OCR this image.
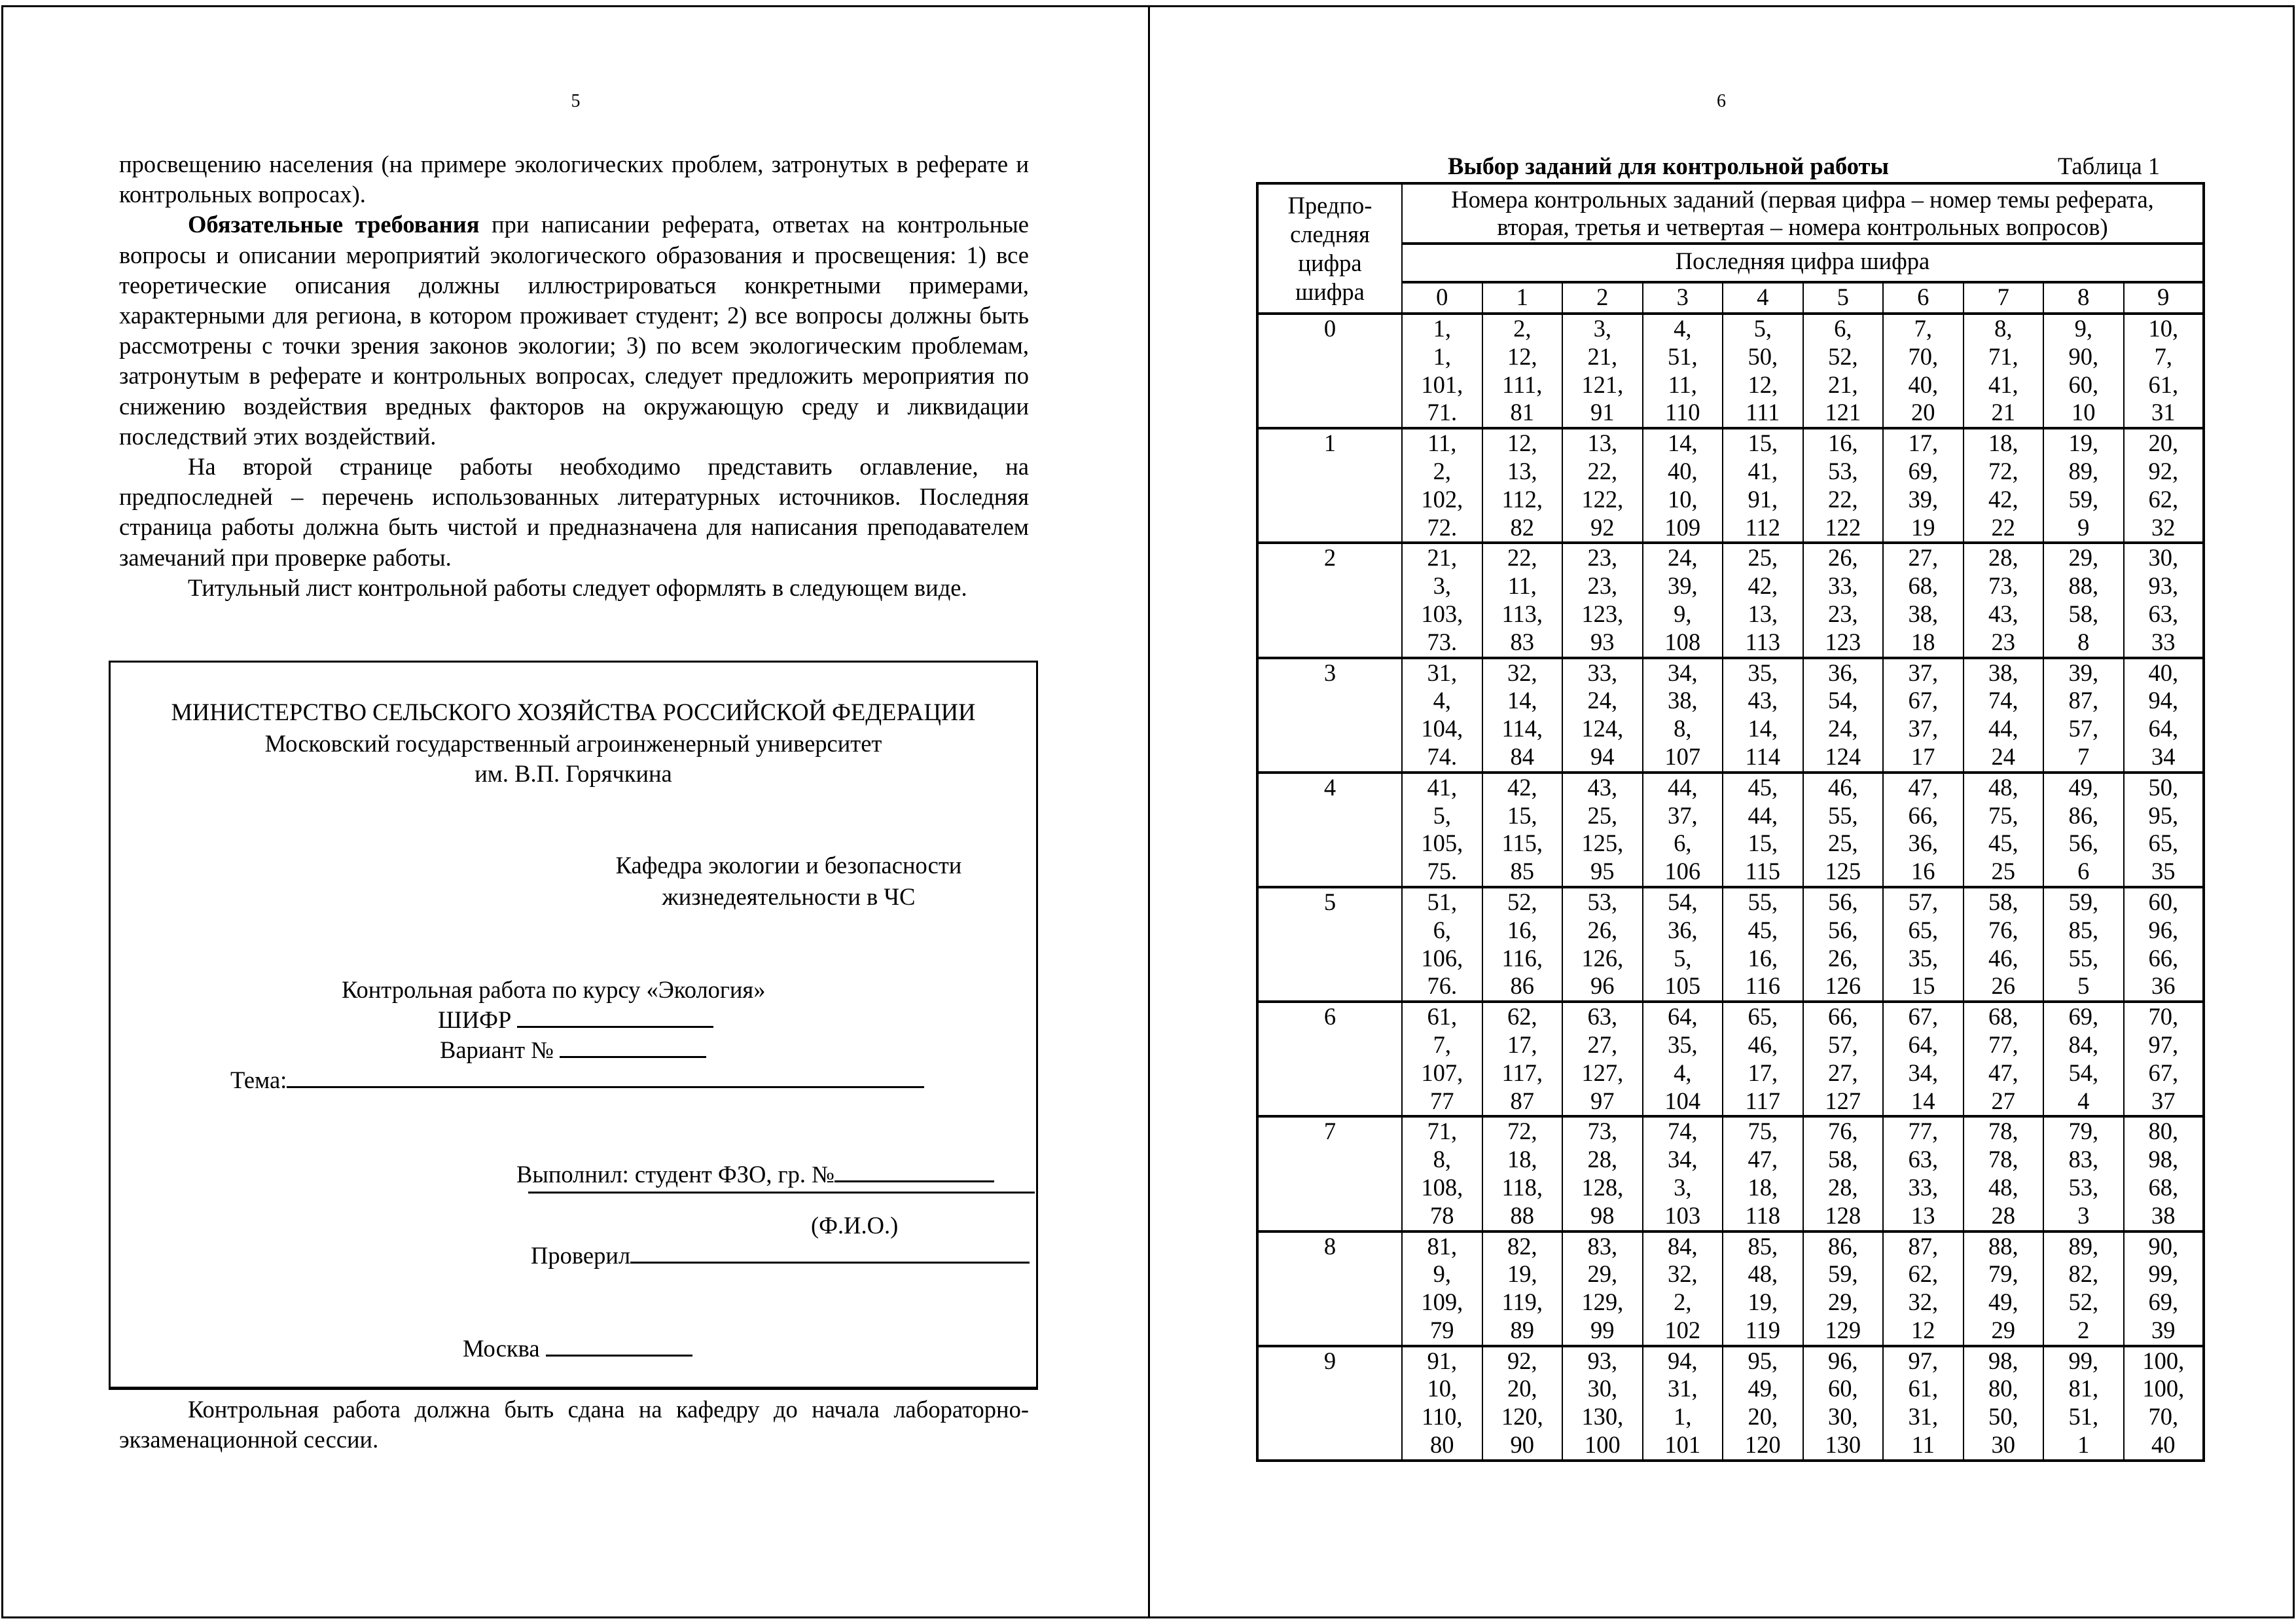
5

просвещению населения (на примере экологических проблем, затронутых в реферате и контрольных вопросах).

Обязательные требования при написании реферата, ответах на контрольные вопросы и описании мероприятий экологического образования и просвещения: 1) все теоретические описания должны иллюстрироваться конкретными примерами, характерными для региона, в котором проживает студент; 2) все вопросы должны быть рассмотрены с точки зрения законов экологии; 3) по всем экологическим проблемам, затронутым в реферате и контрольных вопросах, следует предложить мероприятия по снижению воздействия вредных факторов на окружающую среду и ликвидации последствий этих воздействий.

На второй странице работы необходимо представить оглавление, на предпоследней – перечень использованных литературных источников. Последняя страница работы должна быть чистой и предназначена для написания преподавателем замечаний при проверке работы.

Титульный лист контрольной работы следует оформлять в следующем виде.

МИНИСТЕРСТВО СЕЛЬСКОГО ХОЗЯЙСТВА РОССИЙСКОЙ ФЕДЕРАЦИИ
Московский государственный агроинженерный университет
им. В.П. Горячкина
Кафедра экологии и безопасности
жизнедеятельности в ЧС
Контрольная работа по курсу «Экология»
ШИФР
Вариант №
Тема:
Выполнил: студент ФЗО, гр. №
(Ф.И.О.)
Проверил
Москва

Контрольная работа должна быть сдана на кафедру до начала лабораторно-экзаменационной сессии.

6
Выбор заданий для контрольной работы	Таблица 1
Предпо-
следняя
цифра
шифра	Номера контрольных заданий (первая цифра – номер темы реферата,
вторая, третья и четвертая – номера контрольных вопросов)									

	Последняя цифра шифра									
	0	1	2	3	4	5	6	7	8	9
0	1,
1,
101,
71.	2,
12,
111,
81	3,
21,
121,
91	4,
51,
11,
110	5,
50,
12,
111	6,
52,
21,
121	7,
70,
40,
20	8,
71,
41,
21	9,
90,
60,
10	10,
7,
61,
31

1	11,
2,
102,
72.	12,
13,
112,
82	13,
22,
122,
92	14,
40,
10,
109	15,
41,
91,
112	16,
53,
22,
122	17,
69,
39,
19	18,
72,
42,
22	19,
89,
59,
9	20,
92,
62,
32

2	21,
3,
103,
73.	22,
11,
113,
83	23,
23,
123,
93	24,
39,
9,
108	25,
42,
13,
113	26,
33,
23,
123	27,
68,
38,
18	28,
73,
43,
23	29,
88,
58,
8	30,
93,
63,
33

3	31,
4,
104,
74.	32,
14,
114,
84	33,
24,
124,
94	34,
38,
8,
107	35,
43,
14,
114	36,
54,
24,
124	37,
67,
37,
17	38,
74,
44,
24	39,
87,
57,
7	40,
94,
64,
34

4	41,
5,
105,
75.	42,
15,
115,
85	43,
25,
125,
95	44,
37,
6,
106	45,
44,
15,
115	46,
55,
25,
125	47,
66,
36,
16	48,
75,
45,
25	49,
86,
56,
6	50,
95,
65,
35

5	51,
6,
106,
76.	52,
16,
116,
86	53,
26,
126,
96	54,
36,
5,
105	55,
45,
16,
116	56,
56,
26,
126	57,
65,
35,
15	58,
76,
46,
26	59,
85,
55,
5	60,
96,
66,
36

6	61,
7,
107,
77	62,
17,
117,
87	63,
27,
127,
97	64,
35,
4,
104	65,
46,
17,
117	66,
57,
27,
127	67,
64,
34,
14	68,
77,
47,
27	69,
84,
54,
4	70,
97,
67,
37

7	71,
8,
108,
78	72,
18,
118,
88	73,
28,
128,
98	74,
34,
3,
103	75,
47,
18,
118	76,
58,
28,
128	77,
63,
33,
13	78,
78,
48,
28	79,
83,
53,
3	80,
98,
68,
38

8	81,
9,
109,
79	82,
19,
119,
89	83,
29,
129,
99	84,
32,
2,
102	85,
48,
19,
119	86,
59,
29,
129	87,
62,
32,
12	88,
79,
49,
29	89,
82,
52,
2	90,
99,
69,
39

9	91,
10,
110,
80	92,
20,
120,
90	93,
30,
130,
100	94,
31,
1,
101	95,
49,
20,
120	96,
60,
30,
130	97,
61,
31,
11	98,
80,
50,
30	99,
81,
51,
1	100,
100,
70,
40
